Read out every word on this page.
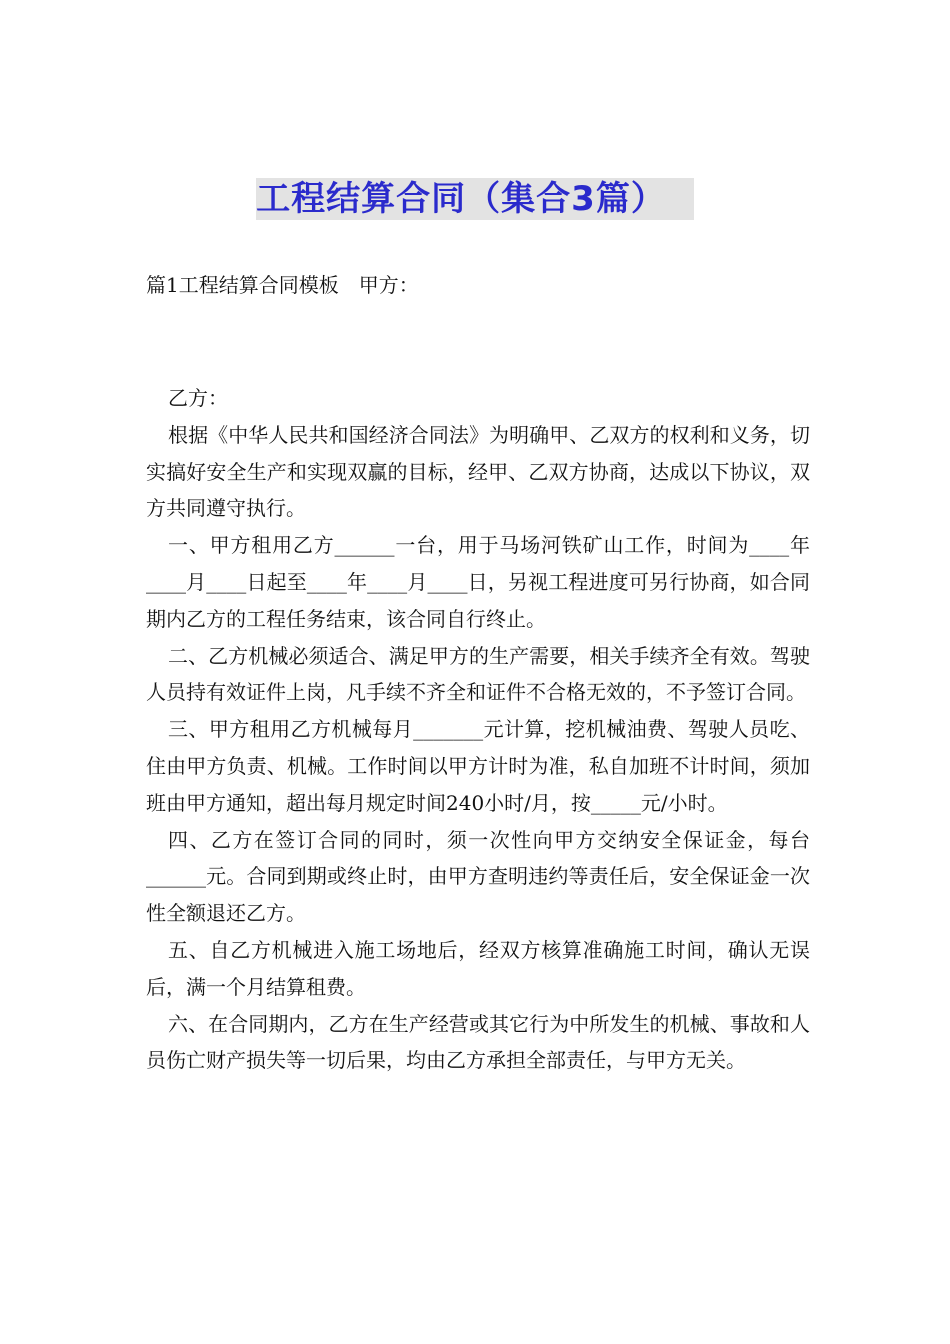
工程结算合同（集合3篇）
篇1工程结算合同模板　甲方：

乙方：

根据《中华人民共和国经济合同法》为明确甲、乙双方的权利和义务，切实搞好安全生产和实现双赢的目标，经甲、乙双方协商，达成以下协议，双方共同遵守执行。

一、甲方租用乙方______一台，用于马场河铁矿山工作，时间为____年____月____日起至____年____月____日，另视工程进度可另行协商，如合同期内乙方的工程任务结束，该合同自行终止。

二、乙方机械必须适合、满足甲方的生产需要，相关手续齐全有效。驾驶人员持有效证件上岗，凡手续不齐全和证件不合格无效的，不予签订合同。

三、甲方租用乙方机械每月_______元计算，挖机械油费、驾驶人员吃、住由甲方负责、机械。工作时间以甲方计时为准，私自加班不计时间，须加班由甲方通知，超出每月规定时间240小时/月，按_____元/小时。

四、乙方在签订合同的同时，须一次性向甲方交纳安全保证金，每台______元。合同到期或终止时，由甲方查明违约等责任后，安全保证金一次性全额退还乙方。

五、自乙方机械进入施工场地后，经双方核算准确施工时间，确认无误后，满一个月结算租费。

六、在合同期内，乙方在生产经营或其它行为中所发生的机械、事故和人员伤亡财产损失等一切后果，均由乙方承担全部责任，与甲方无关。
